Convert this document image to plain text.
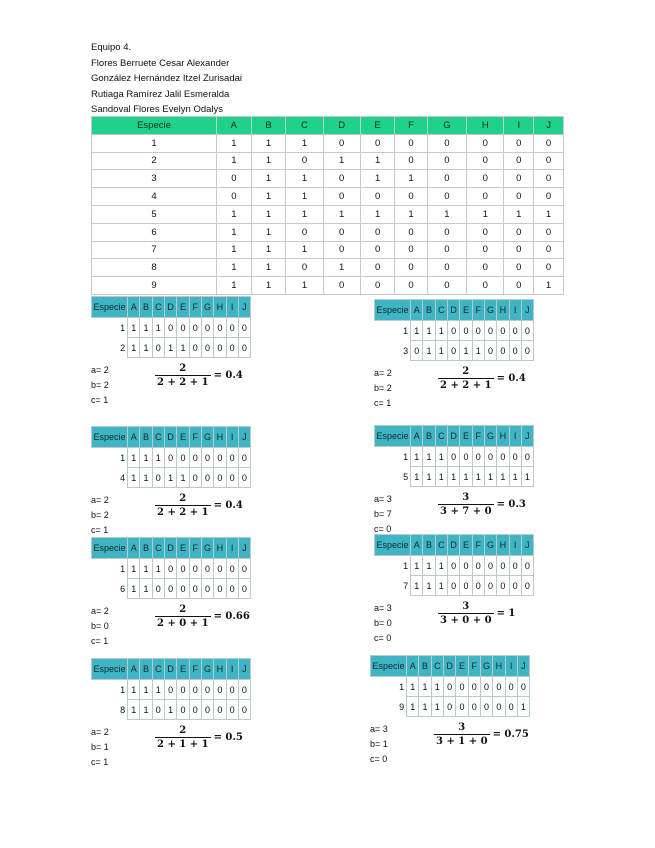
Equipo 4.
Flores Berruete Cesar Alexander
González Hernández Itzel Zurisadai
Rutiaga Ramírez Jalil Esmeralda
Sandoval Flores Evelyn Odalys
Especie	A	B	C	D	E	F	G	H	I	J
1	1	1	1	0	0	0	0	0	0	0
2	1	1	0	1	1	0	0	0	0	0
3	0	1	1	0	1	1	0	0	0	0
4	0	1	1	0	0	0	0	0	0	0
5	1	1	1	1	1	1	1	1	1	1
6	1	1	0	0	0	0	0	0	0	0
7	1	1	1	0	0	0	0	0	0	0
8	1	1	0	1	0	0	0	0	0	0
9	1	1	1	0	0	0	0	0	0	1
Especie	A	B	C	D	E	F	G	H	I	J
1	1	1	1	0	0	0	0	0	0	0
2	1	1	0	1	1	0	0	0	0	0
a= 2
b= 2
c= 1
$\frac{2}{2 + 2 + 1} = 0.4$
Especie	A	B	C	D	E	F	G	H	I	J
1	1	1	1	0	0	0	0	0	0	0
3	0	1	1	0	1	1	0	0	0	0
a= 2
b= 2
c= 1
$\frac{2}{2 + 2 + 1} = 0.4$
Especie	A	B	C	D	E	F	G	H	I	J
1	1	1	1	0	0	0	0	0	0	0
4	1	1	0	1	1	0	0	0	0	0
a= 2
b= 2
c= 1
$\frac{2}{2 + 2 + 1} = 0.4$
Especie	A	B	C	D	E	F	G	H	I	J
1	1	1	1	0	0	0	0	0	0	0
5	1	1	1	1	1	1	1	1	1	1
a= 3
b= 7
c= 0
$\frac{3}{3 + 7 + 0} = 0.3$
Especie	A	B	C	D	E	F	G	H	I	J
1	1	1	1	0	0	0	0	0	0	0
6	1	1	0	0	0	0	0	0	0	0
a= 2
b= 0
c= 1
$\frac{2}{2 + 0 + 1} = 0.66$
Especie	A	B	C	D	E	F	G	H	I	J
1	1	1	1	0	0	0	0	0	0	0
7	1	1	1	0	0	0	0	0	0	0
a= 3
b= 0
c= 0
$\frac{3}{3 + 0 + 0} = 1$
Especie	A	B	C	D	E	F	G	H	I	J
1	1	1	1	0	0	0	0	0	0	0
8	1	1	0	1	0	0	0	0	0	0
a= 2
b= 1
c= 1
$\frac{2}{2 + 1 + 1} = 0.5$
Especie	A	B	C	D	E	F	G	H	I	J
1	1	1	1	0	0	0	0	0	0	0
9	1	1	1	0	0	0	0	0	0	1
a= 3
b= 1
c= 0
$\frac{3}{3 + 1 + 0} = 0.75$
